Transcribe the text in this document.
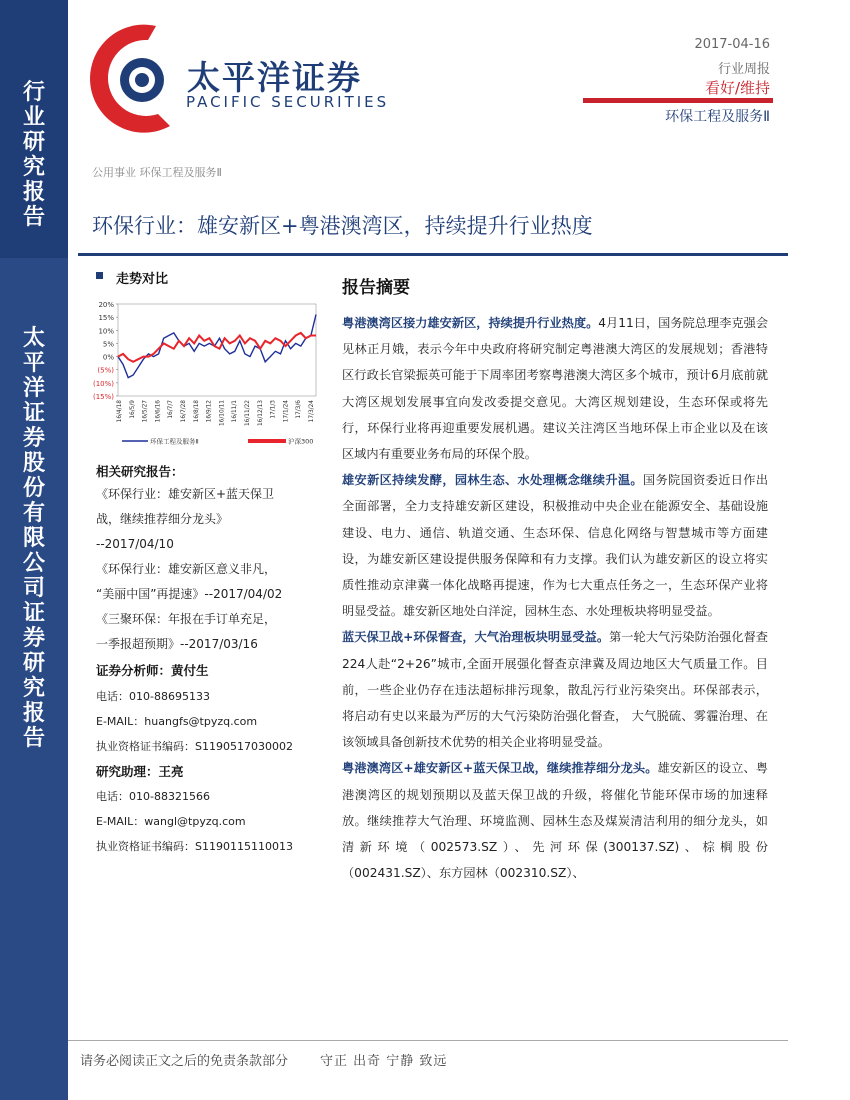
行
业
研
究
报
告
太
平
洋
证
券
股
份
有
限
公
司
证
券
研
究
报
告
太平洋证券
PACIFIC SECURITIES
2017-04-16
行业周报
看好/维持
环保工程及服务Ⅱ
公用事业 环保工程及服务Ⅱ
环保行业：雄安新区+粤港澳湾区，持续提升行业热度
走势对比
20%
15%
10%
5%
0%
(5%)
(10%)
(15%)
16/4/18 16/5/9 16/5/27 16/6/16 16/7/7 16/7/28 16/8/18 16/9/12 16/10/11 16/11/1 16/11/22 16/12/13 17/1/3 17/1/24 17/3/6 17/3/24
环保工程及服务Ⅱ	沪深300
相关研究报告：
《环保行业：雄安新区+蓝天保卫
战，继续推荐细分龙头》
--2017/04/10
《环保行业：雄安新区意义非凡，
“美丽中国”再提速》--2017/04/02
《三聚环保：年报在手订单充足，
一季报超预期》--2017/03/16
证券分析师：黄付生
电话：010-88695133
E-MAIL：huangfs@tpyzq.com
执业资格证书编码：S1190517030002
研究助理：王亮
电话：010-88321566
E-MAIL：wangl@tpyzq.com
执业资格证书编码：S1190115110013
报告摘要

粤港澳湾区接力雄安新区，持续提升行业热度。4月11日，国务院总理李克强会见林正月娥，表示今年中央政府将研究制定粤港澳大湾区的发展规划；香港特区行政长官梁振英可能于下周率团考察粤港澳大湾区多个城市，预计6月底前就大湾区规划发展事宜向发改委提交意见。大湾区规划建设，生态环保或将先行，环保行业将再迎重要发展机遇。建议关注湾区当地环保上市企业以及在该区域内有重要业务布局的环保个股。

雄安新区持续发酵，园林生态、水处理概念继续升温。国务院国资委近日作出全面部署，全力支持雄安新区建设，积极推动中央企业在能源安全、基础设施建设、电力、通信、轨道交通、生态环保、信息化网络与智慧城市等方面建设，为雄安新区建设提供服务保障和有力支撑。我们认为雄安新区的设立将实质性推动京津冀一体化战略再提速，作为七大重点任务之一，生态环保产业将明显受益。雄安新区地处白洋淀，园林生态、水处理板块将明显受益。

蓝天保卫战+环保督查，大气治理板块明显受益。第一轮大气污染防治强化督查224人赴“2+26”城市,全面开展强化督查京津冀及周边地区大气质量工作。目前，一些企业仍存在违法超标排污现象，散乱污行业污染突出。环保部表示，将启动有史以来最为严厉的大气污染防治强化督查， 大气脱硫、雾霾治理、在该领域具备创新技术优势的相关企业将明显受益。

粤港澳湾区+雄安新区+蓝天保卫战，继续推荐细分龙头。雄安新区的设立、粤港澳湾区的规划预期以及蓝天保卫战的升级，将催化节能环保市场的加速释放。继续推荐大气治理、环境监测、园林生态及煤炭清洁利用的细分龙头，如清新环境（002573.SZ）、先河环保(300137.SZ)、棕榈股份（002431.SZ）、东方园林（002310.SZ）、

请务必阅读正文之后的免责条款部分 守正 出奇 宁静 致远
